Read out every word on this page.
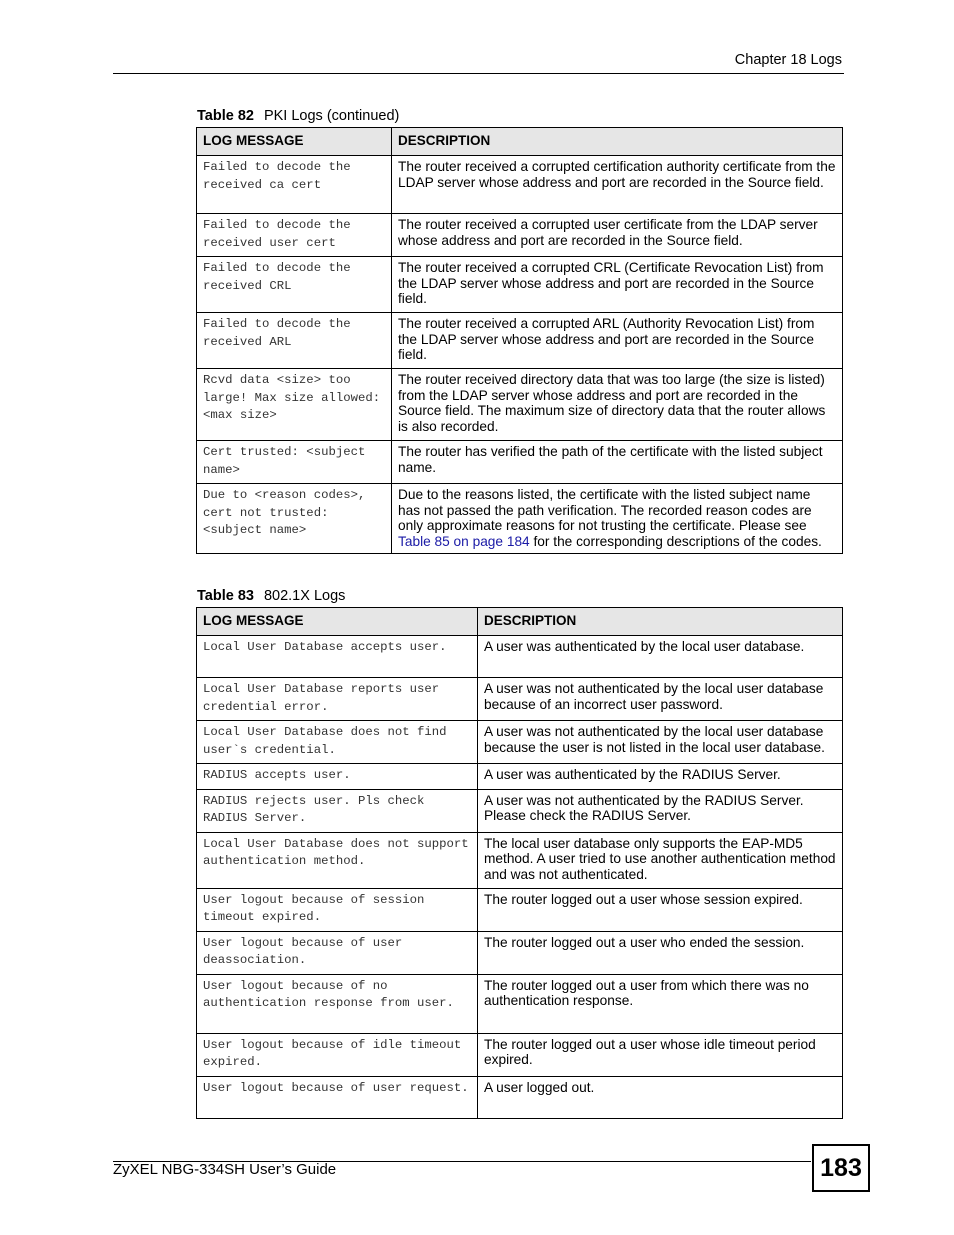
Chapter 18 Logs
Table 82 PKI Logs (continued)
LOG MESSAGE	DESCRIPTION
Failed to decode the received ca cert	The router received a corrupted certification authority certificate from the LDAP server whose address and port are recorded in the Source field.
Failed to decode the received user cert	The router received a corrupted user certificate from the LDAP server whose address and port are recorded in the Source field.
Failed to decode the received CRL	The router received a corrupted CRL (Certificate Revocation List) from the LDAP server whose address and port are recorded in the Source field.
Failed to decode the received ARL	The router received a corrupted ARL (Authority Revocation List) from the LDAP server whose address and port are recorded in the Source field.
Rcvd data <size> too large! Max size allowed: <max size>	The router received directory data that was too large (the size is listed) from the LDAP server whose address and port are recorded in the Source field. The maximum size of directory data that the router allows is also recorded.
Cert trusted: <subject name>	The router has verified the path of the certificate with the listed subject name.
Due to <reason codes>, cert not trusted: <subject name>	Due to the reasons listed, the certificate with the listed subject name has not passed the path verification. The recorded reason codes are only approximate reasons for not trusting the certificate. Please see Table 85 on page 184 for the corresponding descriptions of the codes.
Table 83 802.1X Logs
LOG MESSAGE	DESCRIPTION
Local User Database accepts user.	A user was authenticated by the local user database.
Local User Database reports user credential error.	A user was not authenticated by the local user database because of an incorrect user password.
Local User Database does not find user`s credential.	A user was not authenticated by the local user database because the user is not listed in the local user database.
RADIUS accepts user.	A user was authenticated by the RADIUS Server.
RADIUS rejects user. Pls check RADIUS Server.	A user was not authenticated by the RADIUS Server. Please check the RADIUS Server.
Local User Database does not support authentication method.	The local user database only supports the EAP-MD5 method. A user tried to use another authentication method and was not authenticated.
User logout because of session timeout expired.	The router logged out a user whose session expired.
User logout because of user deassociation.	The router logged out a user who ended the session.
User logout because of no authentication response from user.	The router logged out a user from which there was no authentication response.
User logout because of idle timeout expired.	The router logged out a user whose idle timeout period expired.
User logout because of user request.	A user logged out.
ZyXEL NBG-334SH User’s Guide	183
